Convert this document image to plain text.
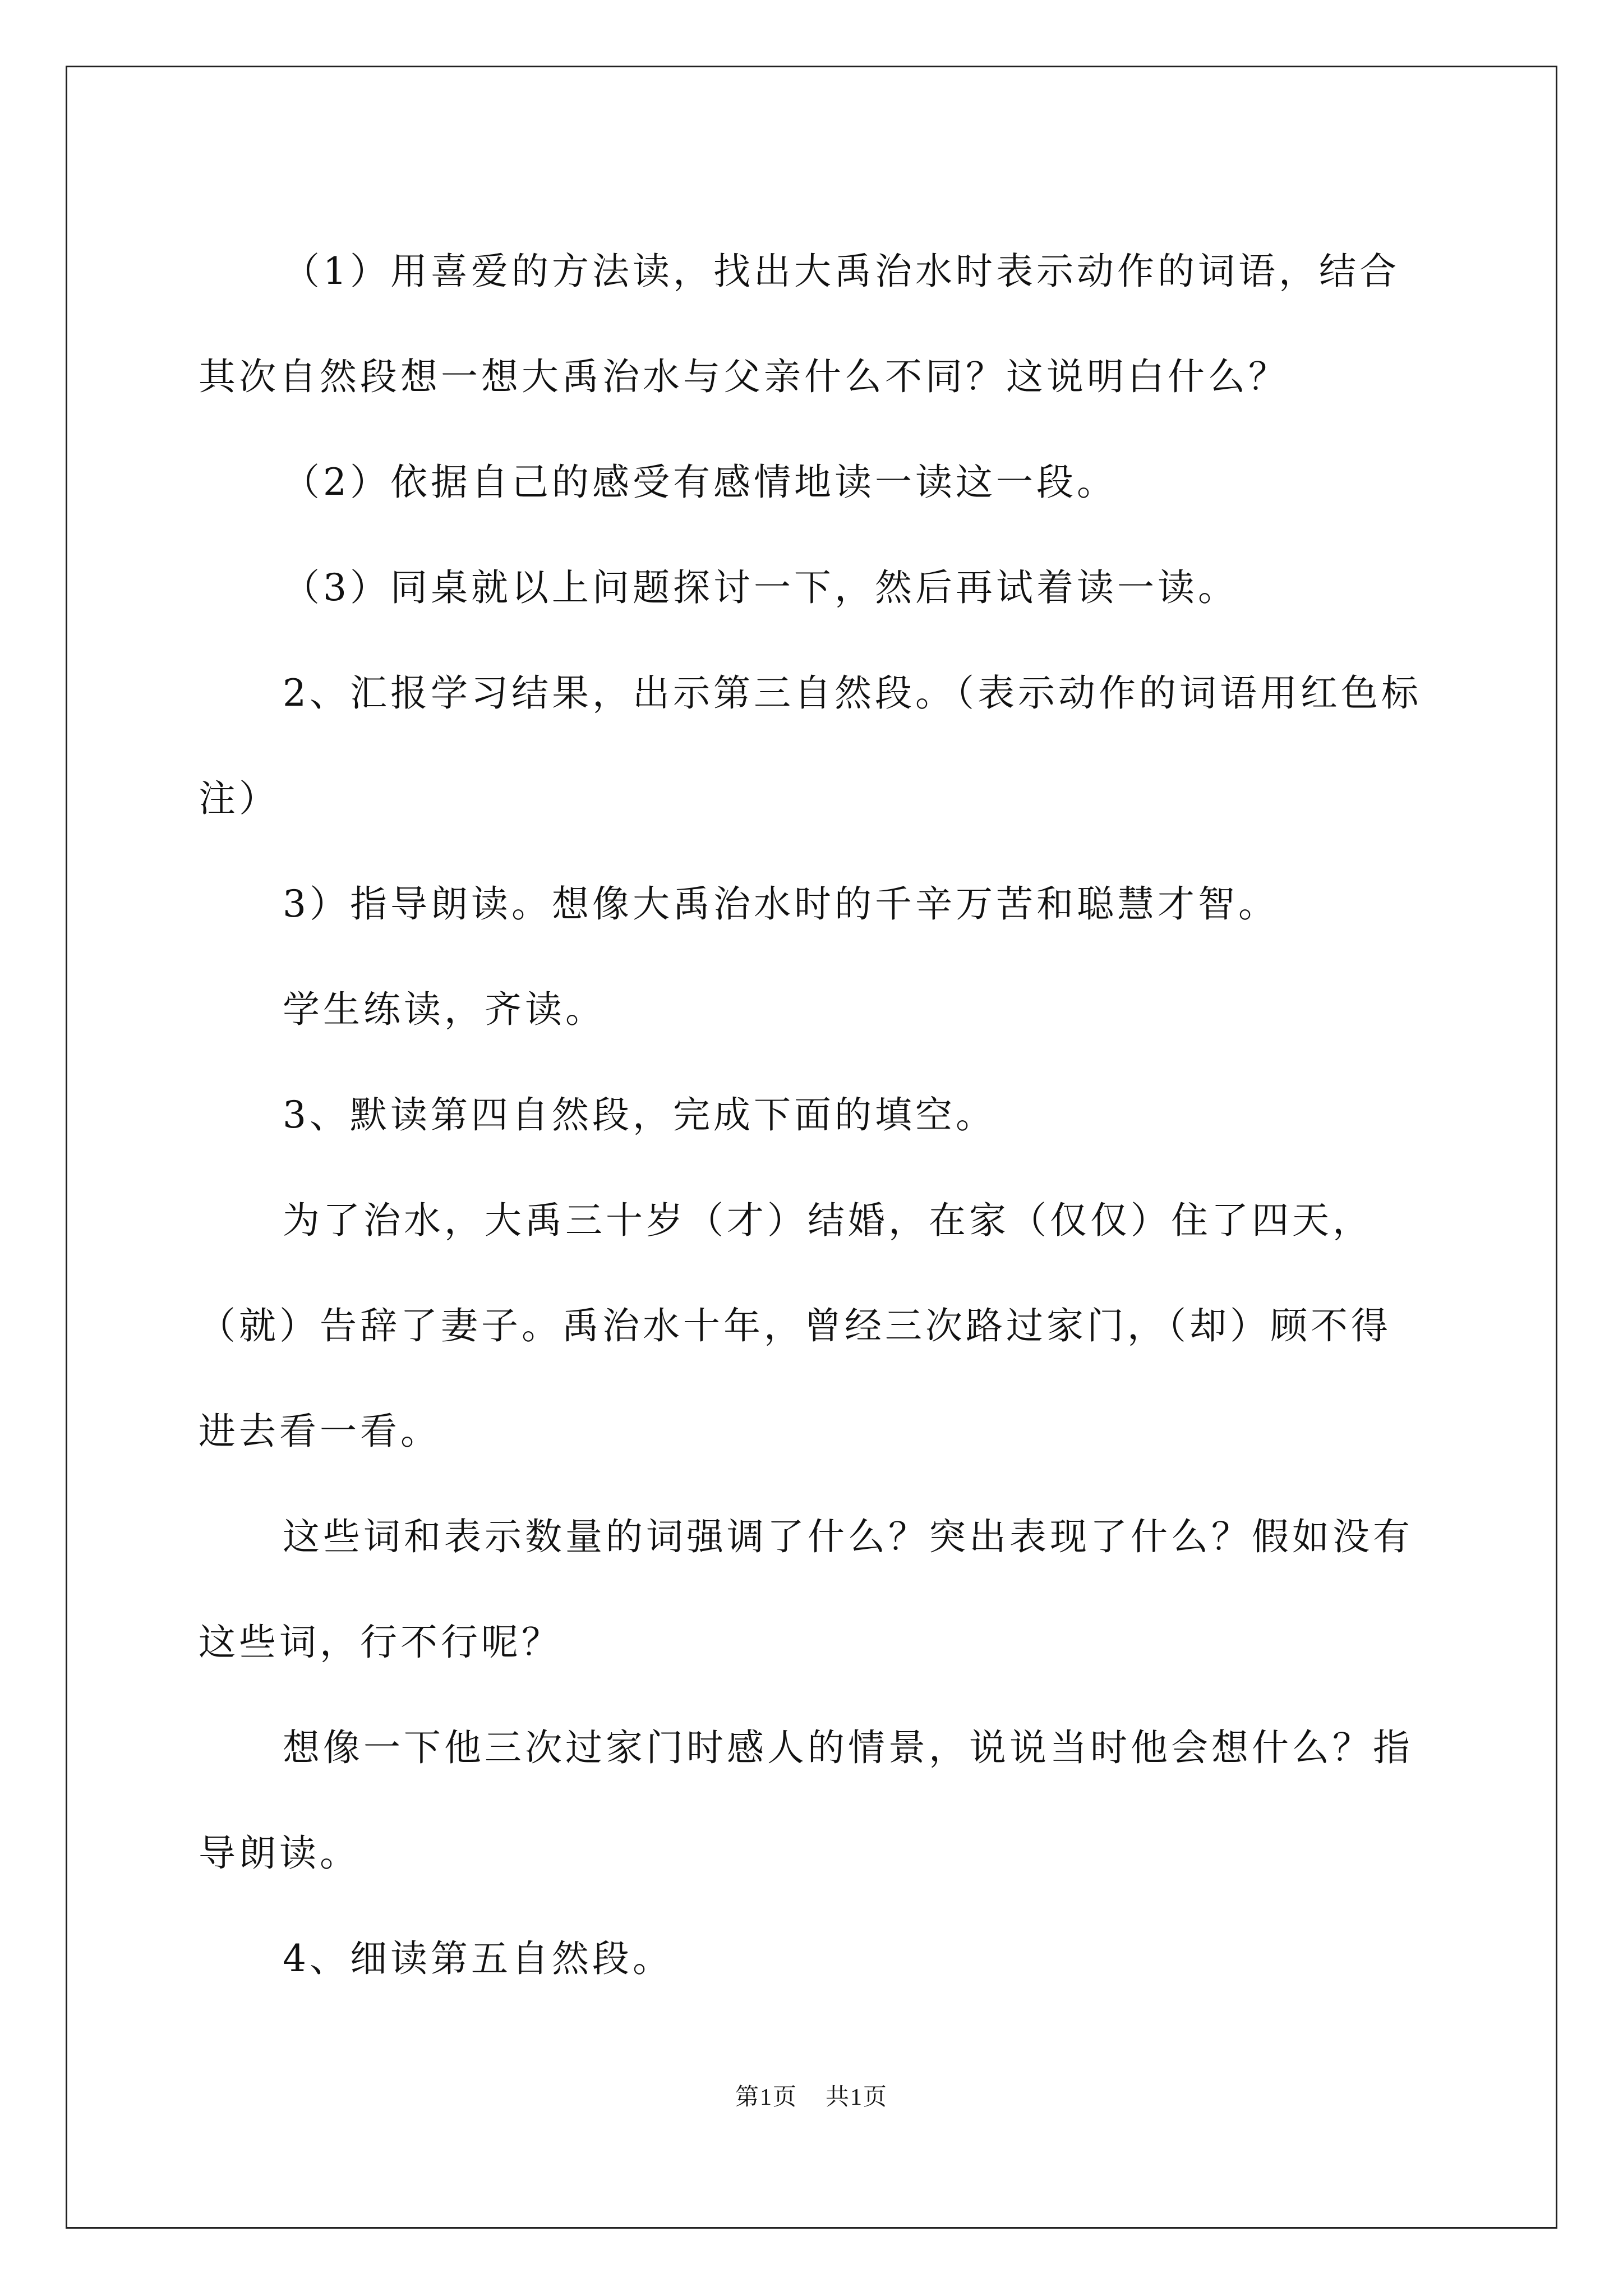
（1）用喜爱的方法读，找出大禹治水时表示动作的词语，结合其次自然段想一想大禹治水与父亲什么不同？这说明白什么？

（2）依据自己的感受有感情地读一读这一段。

（3）同桌就以上问题探讨一下，然后再试着读一读。

2、汇报学习结果，出示第三自然段。（表示动作的词语用红色标注）

3）指导朗读。想像大禹治水时的千辛万苦和聪慧才智。

学生练读，齐读。

3、默读第四自然段，完成下面的填空。

为了治水，大禹三十岁（才）结婚，在家（仅仅）住了四天，（就）告辞了妻子。禹治水十年，曾经三次路过家门，（却）顾不得进去看一看。

这些词和表示数量的词强调了什么？突出表现了什么？假如没有这些词，行不行呢？

想像一下他三次过家门时感人的情景，说说当时他会想什么？指导朗读。

4、细读第五自然段。

第1页 共1页
